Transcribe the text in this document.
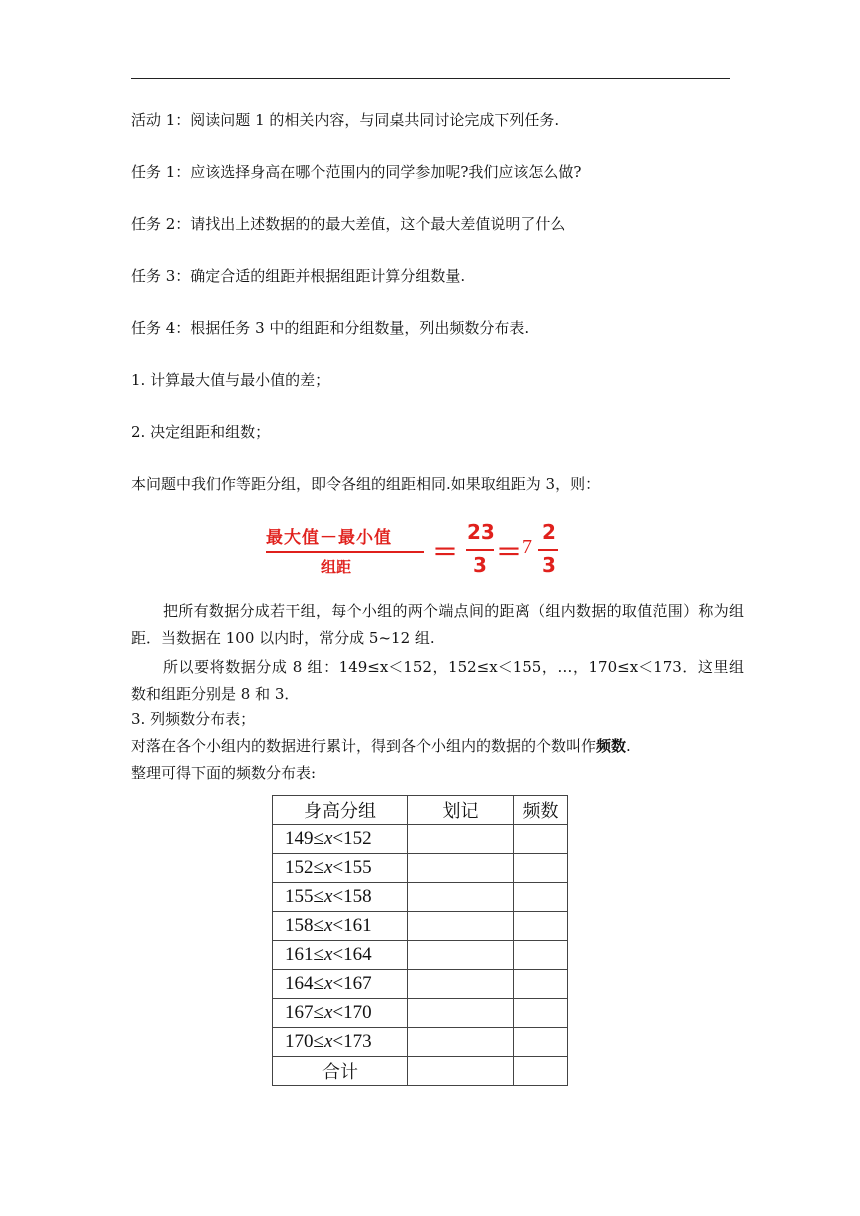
活动 1：阅读问题 1 的相关内容，与同桌共同讨论完成下列任务.
任务 1：应该选择身高在哪个范围内的同学参加呢?我们应该怎么做?
任务 2：请找出上述数据的的最大差值，这个最大差值说明了什么
任务 3：确定合适的组距并根据组距计算分组数量.
任务 4：根据任务 3 中的组距和分组数量，列出频数分布表.
1. 计算最大值与最小值的差；
2. 决定组距和组数；
本问题中我们作等距分组，即令各组的组距相同.如果取组距为 3，则：
最大值－最小值
组距	＝
23
3 ＝ 7
2
3
把所有数据分成若干组，每个小组的两个端点间的距离（组内数据的取值范围）称为组距．当数据在 100 以内时，常分成 5~12 组.
所以要将数据分成 8 组：149≤x＜152，152≤x＜155，…，170≤x＜173．这里组数和组距分别是 8 和 3．
3. 列频数分布表；
对落在各个小组内的数据进行累计，得到各个小组内的数据的个数叫作频数.
整理可得下面的频数分布表:
身高分组	划记	频数
149≤x<152		
152≤x<155		
155≤x<158		
158≤x<161		
161≤x<164		
164≤x<167		
167≤x<170		
170≤x<173		
合计		
